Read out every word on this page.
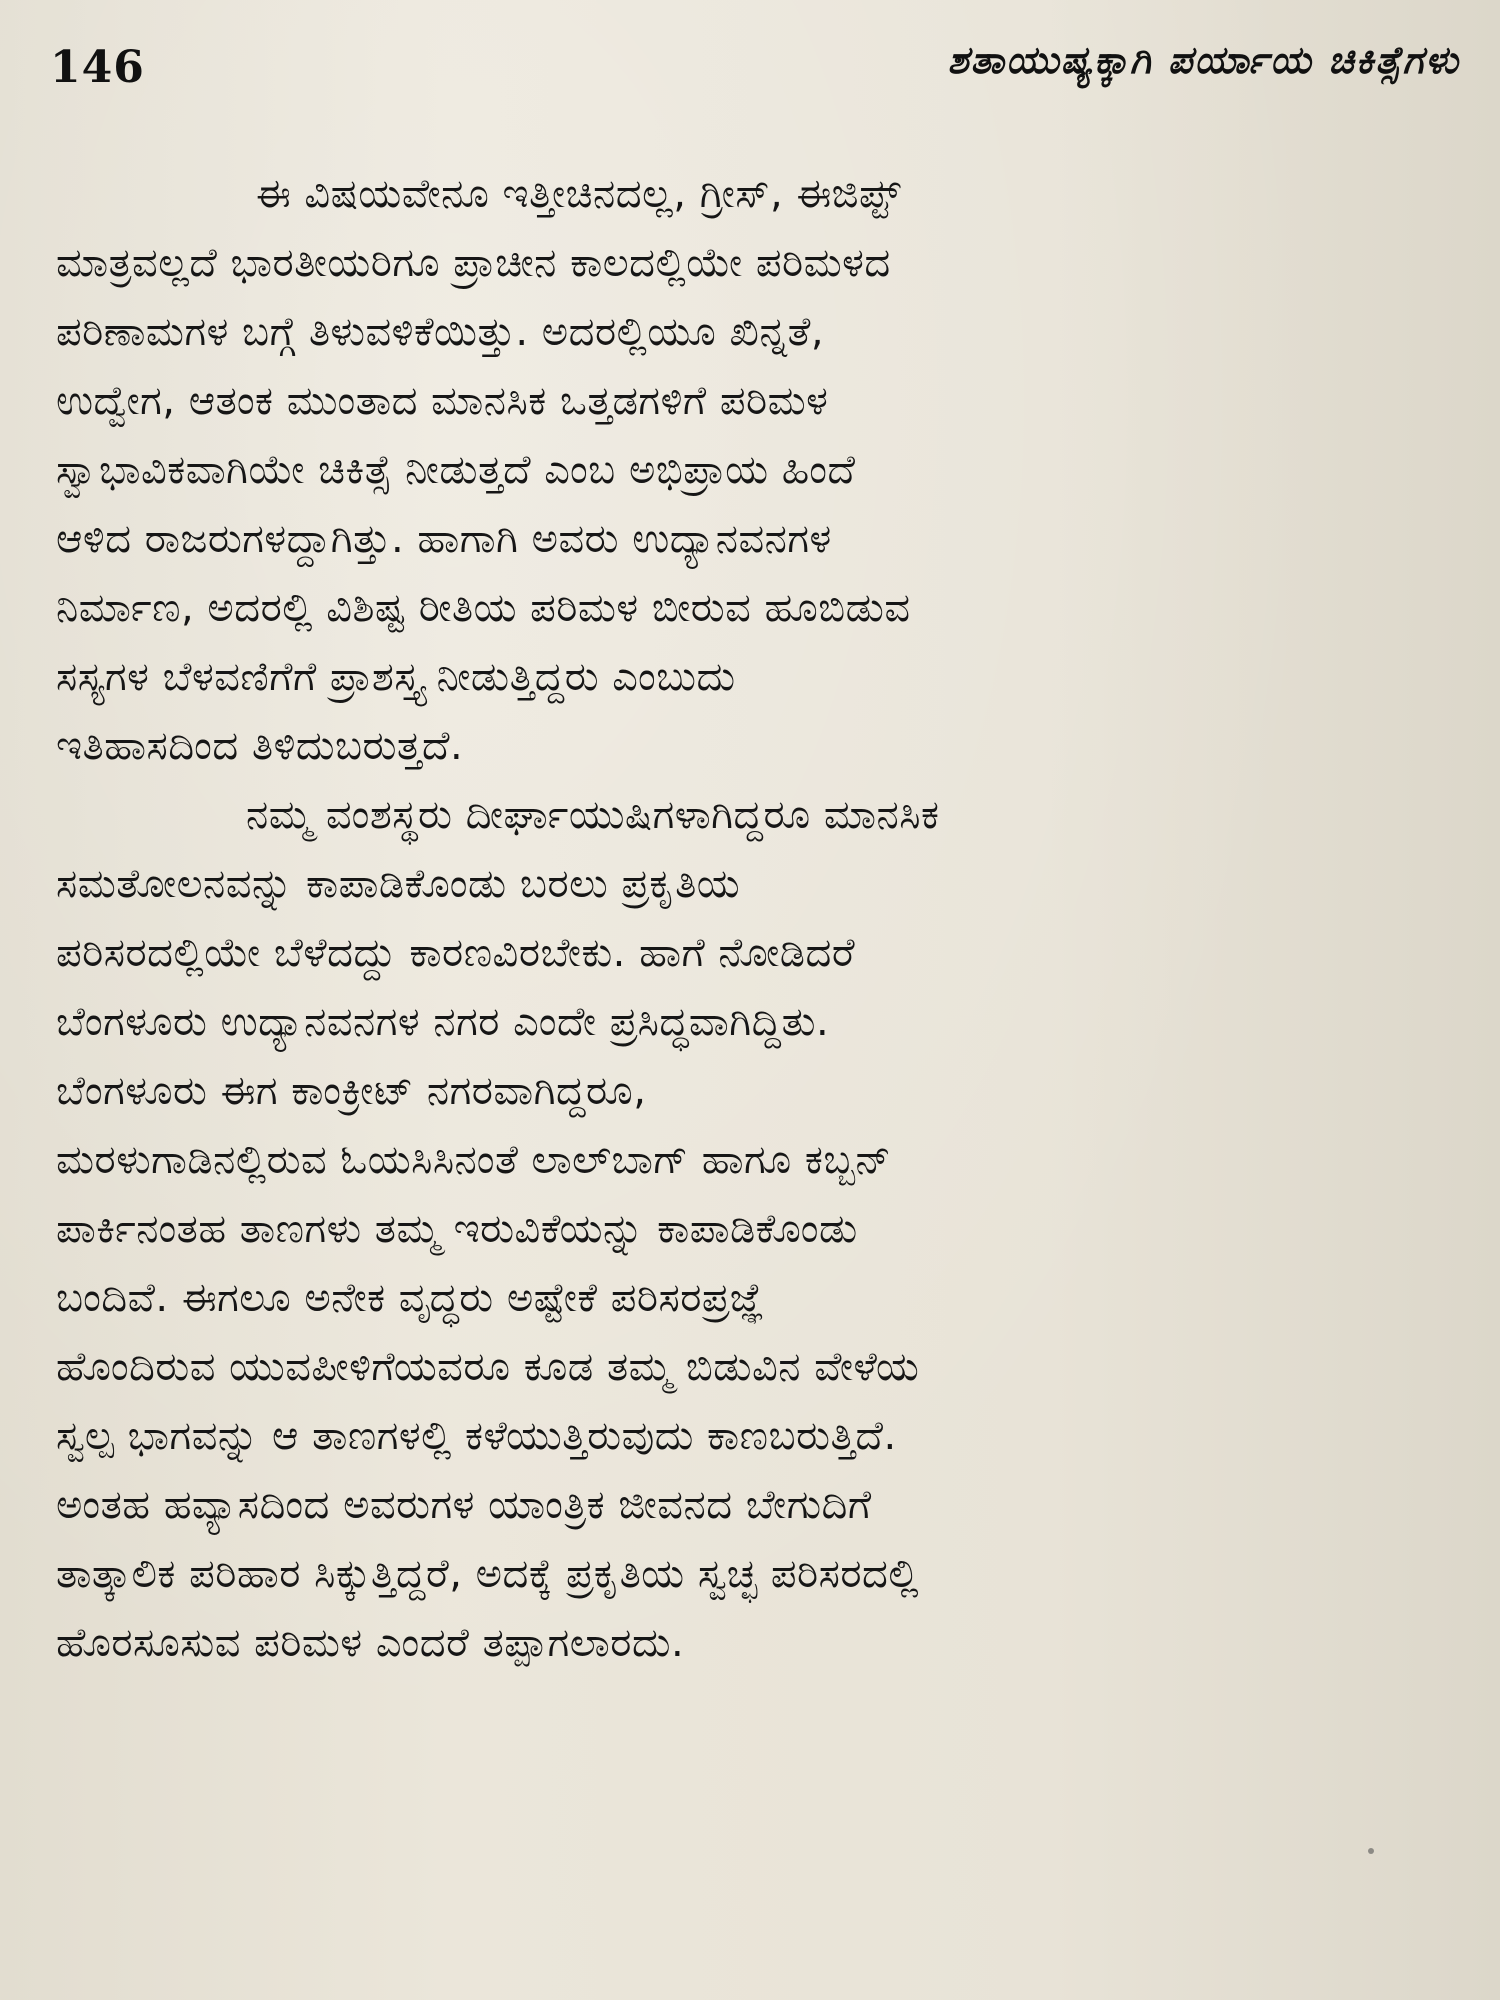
146	ಶತಾಯುಷ್ಯಕ್ಕಾಗಿ ಪರ್ಯಾಯ ಚಿಕಿತ್ಸೆಗಳು
ಈ ವಿಷಯವೇನೂ ಇತ್ತೀಚಿನದಲ್ಲ, ಗ್ರೀಸ್, ಈಜಿಪ್ಟ್
ಮಾತ್ರವಲ್ಲದೆ ಭಾರತೀಯರಿಗೂ ಪ್ರಾಚೀನ ಕಾಲದಲ್ಲಿಯೇ ಪರಿಮಳದ
ಪರಿಣಾಮಗಳ ಬಗ್ಗೆ ತಿಳುವಳಿಕೆಯಿತ್ತು. ಅದರಲ್ಲಿಯೂ ಖಿನ್ನತೆ,
ಉದ್ವೇಗ, ಆತಂಕ ಮುಂತಾದ ಮಾನಸಿಕ ಒತ್ತಡಗಳಿಗೆ ಪರಿಮಳ
ಸ್ವಾಭಾವಿಕವಾಗಿಯೇ ಚಿಕಿತ್ಸೆ ನೀಡುತ್ತದೆ ಎಂಬ ಅಭಿಪ್ರಾಯ ಹಿಂದೆ
ಆಳಿದ ರಾಜರುಗಳದ್ದಾಗಿತ್ತು. ಹಾಗಾಗಿ ಅವರು ಉದ್ಯಾನವನಗಳ
ನಿರ್ಮಾಣ, ಅದರಲ್ಲಿ ವಿಶಿಷ್ಟ ರೀತಿಯ ಪರಿಮಳ ಬೀರುವ ಹೂಬಿಡುವ
ಸಸ್ಯಗಳ ಬೆಳವಣಿಗೆಗೆ ಪ್ರಾಶಸ್ತ್ಯ ನೀಡುತ್ತಿದ್ದರು ಎಂಬುದು
ಇತಿಹಾಸದಿಂದ ತಿಳಿದುಬರುತ್ತದೆ.
ನಮ್ಮ ವಂಶಸ್ಥರು ದೀರ್ಘಾಯುಷಿಗಳಾಗಿದ್ದರೂ ಮಾನಸಿಕ
ಸಮತೋಲನವನ್ನು ಕಾಪಾಡಿಕೊಂಡು ಬರಲು ಪ್ರಕೃತಿಯ
ಪರಿಸರದಲ್ಲಿಯೇ ಬೆಳೆದದ್ದು ಕಾರಣವಿರಬೇಕು. ಹಾಗೆ ನೋಡಿದರೆ
ಬೆಂಗಳೂರು ಉದ್ಯಾನವನಗಳ ನಗರ ಎಂದೇ ಪ್ರಸಿದ್ಧವಾಗಿದ್ದಿತು.
ಬೆಂಗಳೂರು ಈಗ ಕಾಂಕ್ರೀಟ್ ನಗರವಾಗಿದ್ದರೂ,
ಮರಳುಗಾಡಿನಲ್ಲಿರುವ ಓಯಸಿಸಿನಂತೆ ಲಾಲ್‌ಬಾಗ್ ಹಾಗೂ ಕಬ್ಬನ್
ಪಾರ್ಕಿನಂತಹ ತಾಣಗಳು ತಮ್ಮ ಇರುವಿಕೆಯನ್ನು ಕಾಪಾಡಿಕೊಂಡು
ಬಂದಿವೆ. ಈಗಲೂ ಅನೇಕ ವೃದ್ಧರು ಅಷ್ಟೇಕೆ ಪರಿಸರಪ್ರಜ್ಞೆ
ಹೊಂದಿರುವ ಯುವಪೀಳಿಗೆಯವರೂ ಕೂಡ ತಮ್ಮ ಬಿಡುವಿನ ವೇಳೆಯ
ಸ್ವಲ್ಪ ಭಾಗವನ್ನು ಆ ತಾಣಗಳಲ್ಲಿ ಕಳೆಯುತ್ತಿರುವುದು ಕಾಣಬರುತ್ತಿದೆ.
ಅಂತಹ ಹವ್ಯಾಸದಿಂದ ಅವರುಗಳ ಯಾಂತ್ರಿಕ ಜೀವನದ ಬೇಗುದಿಗೆ
ತಾತ್ಕಾಲಿಕ ಪರಿಹಾರ ಸಿಕ್ಕುತ್ತಿದ್ದರೆ, ಅದಕ್ಕೆ ಪ್ರಕೃತಿಯ ಸ್ವಚ್ಛ ಪರಿಸರದಲ್ಲಿ
ಹೊರಸೂಸುವ ಪರಿಮಳ ಎಂದರೆ ತಪ್ಪಾಗಲಾರದು.
